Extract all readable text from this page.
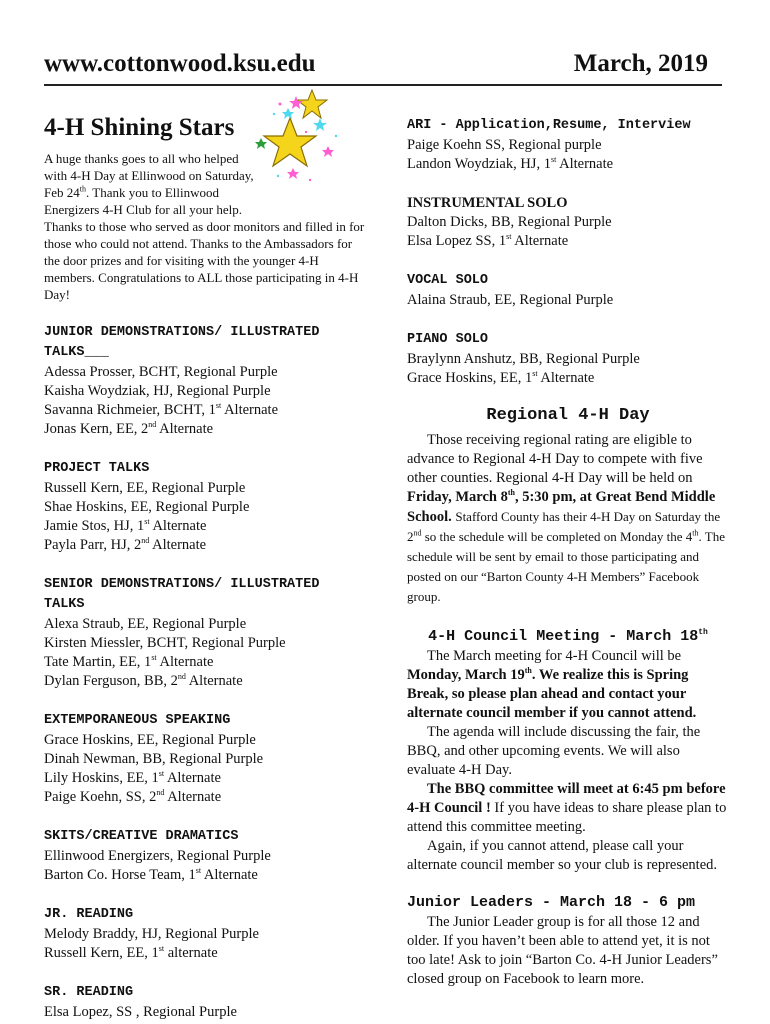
www.cottonwood.ksu.edu	March, 2019
4-H Shining Stars
A huge thanks goes to all who helped with 4-H Day at Ellinwood on Saturday, Feb 24th. Thank you to Ellinwood Energizers 4-H Club for all your help. Thanks to those who served as door monitors and filled in for those who could not attend. Thanks to the Ambassadors for the door prizes and for visiting with the younger 4-H members. Congratulations to ALL those participating in 4-H Day!
JUNIOR DEMONSTRATIONS/ ILLUSTRATED TALKS___
Adessa Prosser, BCHT, Regional Purple
Kaisha Woydziak, HJ, Regional Purple
Savanna Richmeier, BCHT, 1st Alternate
Jonas Kern, EE, 2nd Alternate
PROJECT TALKS
Russell Kern, EE, Regional Purple
Shae Hoskins, EE, Regional Purple
Jamie Stos, HJ, 1st Alternate
Payla Parr, HJ, 2nd Alternate
SENIOR DEMONSTRATIONS/ ILLUSTRATED TALKS
Alexa Straub, EE, Regional Purple
Kirsten Miessler, BCHT, Regional Purple
Tate Martin, EE, 1st Alternate
Dylan Ferguson, BB, 2nd Alternate
EXTEMPORANEOUS SPEAKING
Grace Hoskins, EE, Regional Purple
Dinah Newman, BB, Regional Purple
Lily Hoskins, EE, 1st Alternate
Paige Koehn, SS, 2nd Alternate
SKITS/CREATIVE DRAMATICS
Ellinwood Energizers, Regional Purple
Barton Co. Horse Team, 1st Alternate
JR. READING
Melody Braddy, HJ, Regional Purple
Russell Kern, EE, 1st alternate
SR. READING
Elsa Lopez, SS , Regional Purple
ARI - Application,Resume, Interview
Paige Koehn SS, Regional purple
Landon Woydziak, HJ, 1st Alternate
INSTRUMENTAL SOLO
Dalton Dicks, BB, Regional Purple
Elsa Lopez SS, 1st Alternate
VOCAL SOLO
Alaina Straub, EE, Regional Purple
PIANO SOLO
Braylynn Anshutz, BB, Regional Purple
Grace Hoskins, EE, 1st Alternate
Regional 4-H Day
Those receiving regional rating are eligible to advance to Regional 4-H Day to compete with five other counties. Regional 4-H Day will be held on Friday, March 8th, 5:30 pm, at Great Bend Middle School. Stafford County has their 4-H Day on Saturday the 2nd so the schedule will be completed on Monday the 4th. The schedule will be sent by email to those participating and posted on our “Barton County 4-H Members” Facebook group.
4-H Council Meeting - March 18th
The March meeting for 4-H Council will be Monday, March 19th. We realize this is Spring Break, so please plan ahead and contact your alternate council member if you cannot attend.
The agenda will include discussing the fair, the BBQ, and other upcoming events. We will also evaluate 4-H Day.
The BBQ committee will meet at 6:45 pm before 4-H Council ! If you have ideas to share please plan to attend this committee meeting.
Again, if you cannot attend, please call your alternate council member so your club is represented.
Junior Leaders - March 18 - 6 pm
The Junior Leader group is for all those 12 and older. If you haven’t been able to attend yet, it is not too late! Ask to join “Barton Co. 4-H Junior Leaders” closed group on Facebook to learn more.
